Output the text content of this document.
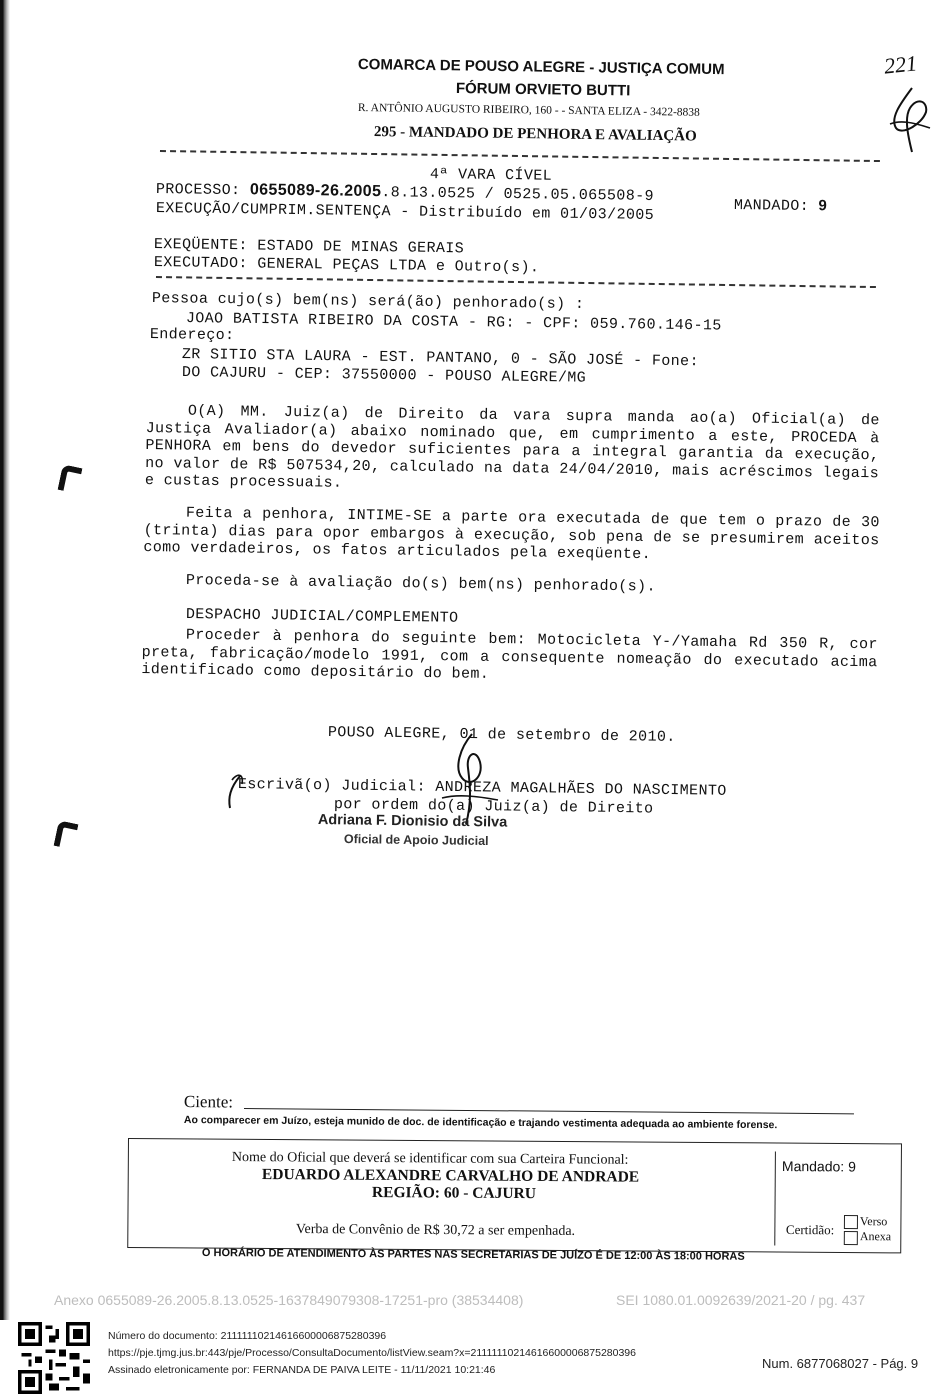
COMARCA DE POUSO ALEGRE - JUSTIÇA COMUM
FÓRUM ORVIETO BUTTI
R. ANTÔNIO AUGUSTO RIBEIRO, 160 - - SANTA ELIZA - 3422-8838
295 - MANDADO DE PENHORA E AVALIAÇÃO
221
4ª VARA CÍVEL
PROCESSO: 0655089-26.2005.8.13.0525 / 0525.05.065508-9
MANDADO: 9
EXECUÇÃO/CUMPRIM.SENTENÇA - Distribuído em 01/03/2005
EXEQÜENTE: ESTADO DE MINAS GERAIS
EXECUTADO: GENERAL PEÇAS LTDA e Outro(s).
Pessoa cujo(s) bem(ns) será(ão) penhorado(s) :
JOAO BATISTA RIBEIRO DA COSTA - RG: - CPF: 059.760.146-15
Endereço:
ZR SITIO STA LAURA - EST. PANTANO, 0 - SÃO JOSÉ - Fone:
DO CAJURU - CEP: 37550000 - POUSO ALEGRE/MG
O(A) MM. Juiz(a) de Direito da vara supra manda ao(a) Oficial(a) de Justiça Avaliador(a) abaixo nominado que, em cumprimento a este, PROCEDA à PENHORA em bens do devedor suficientes para a integral garantia da execução, no valor de R$ 507534,20, calculado na data 24/04/2010, mais acréscimos legais e custas processuais.
Feita a penhora, INTIME-SE a parte ora executada de que tem o prazo de 30 (trinta) dias para opor embargos à execução, sob pena de se presumirem aceitos como verdadeiros, os fatos articulados pela exeqüente.
Proceda-se à avaliação do(s) bem(ns) penhorado(s).
DESPACHO JUDICIAL/COMPLEMENTO
Proceder à penhora do seguinte bem: Motocicleta Y-/Yamaha Rd 350 R, cor preta, fabricação/modelo 1991, com a consequente nomeação do executado acima identificado como depositário do bem.
POUSO ALEGRE, 01 de setembro de 2010.
Escrivã(o) Judicial: ANDREZA MAGALHÃES DO NASCIMENTO
por ordem do(a) Juiz(a) de Direito
Adriana F. Dionisio da Silva
Oficial de Apoio Judicial
Ciente:
Ao comparecer em Juízo, esteja munido de doc. de identificação e trajando vestimenta adequada ao ambiente forense.
Nome do Oficial que deverá se identificar com sua Carteira Funcional:
EDUARDO ALEXANDRE CARVALHO DE ANDRADE
REGIÃO: 60 - CAJURU
Verba de Convênio de R$ 30,72 a ser empenhada.
Mandado: 9
Certidão:
Verso
Anexa
O HORÁRIO DE ATENDIMENTO ÀS PARTES NAS SECRETARIAS DE JUÍZO É DE 12:00 ÀS 18:00 HORAS
Anexo 0655089-26.2005.8.13.0525-1637849079308-17251-pro (38534408)	SEI 1080.01.0092639/2021-20 / pg. 437
Número do documento: 21111110214616600006875280396
https://pje.tjmg.jus.br:443/pje/Processo/ConsultaDocumento/listView.seam?x=21111110214616600006875280396
Assinado eletronicamente por: FERNANDA DE PAIVA LEITE - 11/11/2021 10:21:46	Num. 6877068027 - Pág. 9
